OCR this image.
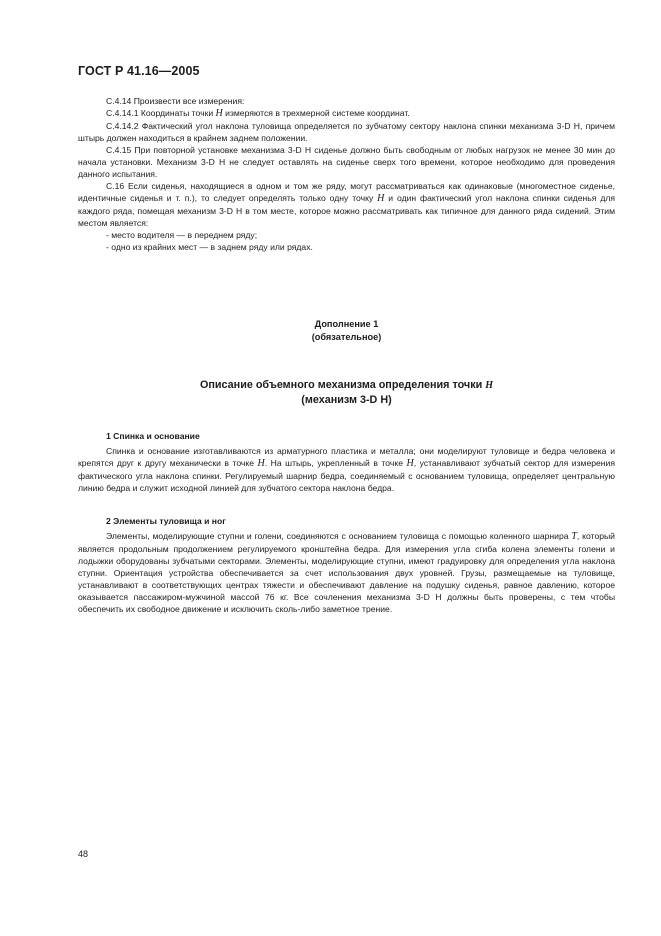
ГОСТ Р 41.16—2005

С.4.14 Произвести все измерения:

С.4.14.1 Координаты точки H измеряются в трехмерной системе координат.

С.4.14.2 Фактический угол наклона туловища определяется по зубчатому сектору наклона спинки механизма 3-D H, причем штырь должен находиться в крайнем заднем положении.

С.4.15 При повторной установке механизма 3-D H сиденье должно быть свободным от любых нагрузок не менее 30 мин до начала установки. Механизм 3-D H не следует оставлять на сиденье сверх того времени, которое необходимо для проведения данного испытания.

С.16 Если сиденья, находящиеся в одном и том же ряду, могут рассматриваться как одинаковые (многоместное сиденье, идентичные сиденья и т. п.), то следует определять только одну точку H и один фактический угол наклона спинки сиденья для каждого ряда, помещая механизм 3-D H в том месте, которое можно рассматривать как типичное для данного ряда сидений. Этим местом является:

- место водителя — в переднем ряду;

- одно из крайних мест — в заднем ряду или рядах.

Дополнение 1
(обязательное)
Описание объемного механизма определения точки H
(механизм 3-D H)

1 Спинка и основание

Спинка и основание изготавливаются из арматурного пластика и металла; они моделируют туловище и бедра человека и крепятся друг к другу механически в точке H. На штырь, укрепленный в точке H, устанавливают зубчатый сектор для измерения фактического угла наклона спинки. Регулируемый шарнир бедра, соединяемый с основанием туловища, определяет центральную линию бедра и служит исходной линией для зубчатого сектора наклона бедра.

2 Элементы туловища и ног

Элементы, моделирующие ступни и голени, соединяются с основанием туловища с помощью коленного шарнира T, который является продольным продолжением регулируемого кронштейна бедра. Для измерения угла сгиба колена элементы голени и лодыжки оборудованы зубчатыми секторами. Элементы, моделирующие ступни, имеют градуировку для определения угла наклона ступни. Ориентация устройства обеспечивается за счет использования двух уровней. Грузы, размещаемые на туловище, устанавливают в соответствующих центрах тяжести и обеспечивают давление на подушку сиденья, равное давлению, которое оказывается пассажиром-мужчиной массой 76 кг. Все сочленения механизма 3-D H должны быть проверены, с тем чтобы обеспечить их свободное движение и исключить сколь-либо заметное трение.

48
